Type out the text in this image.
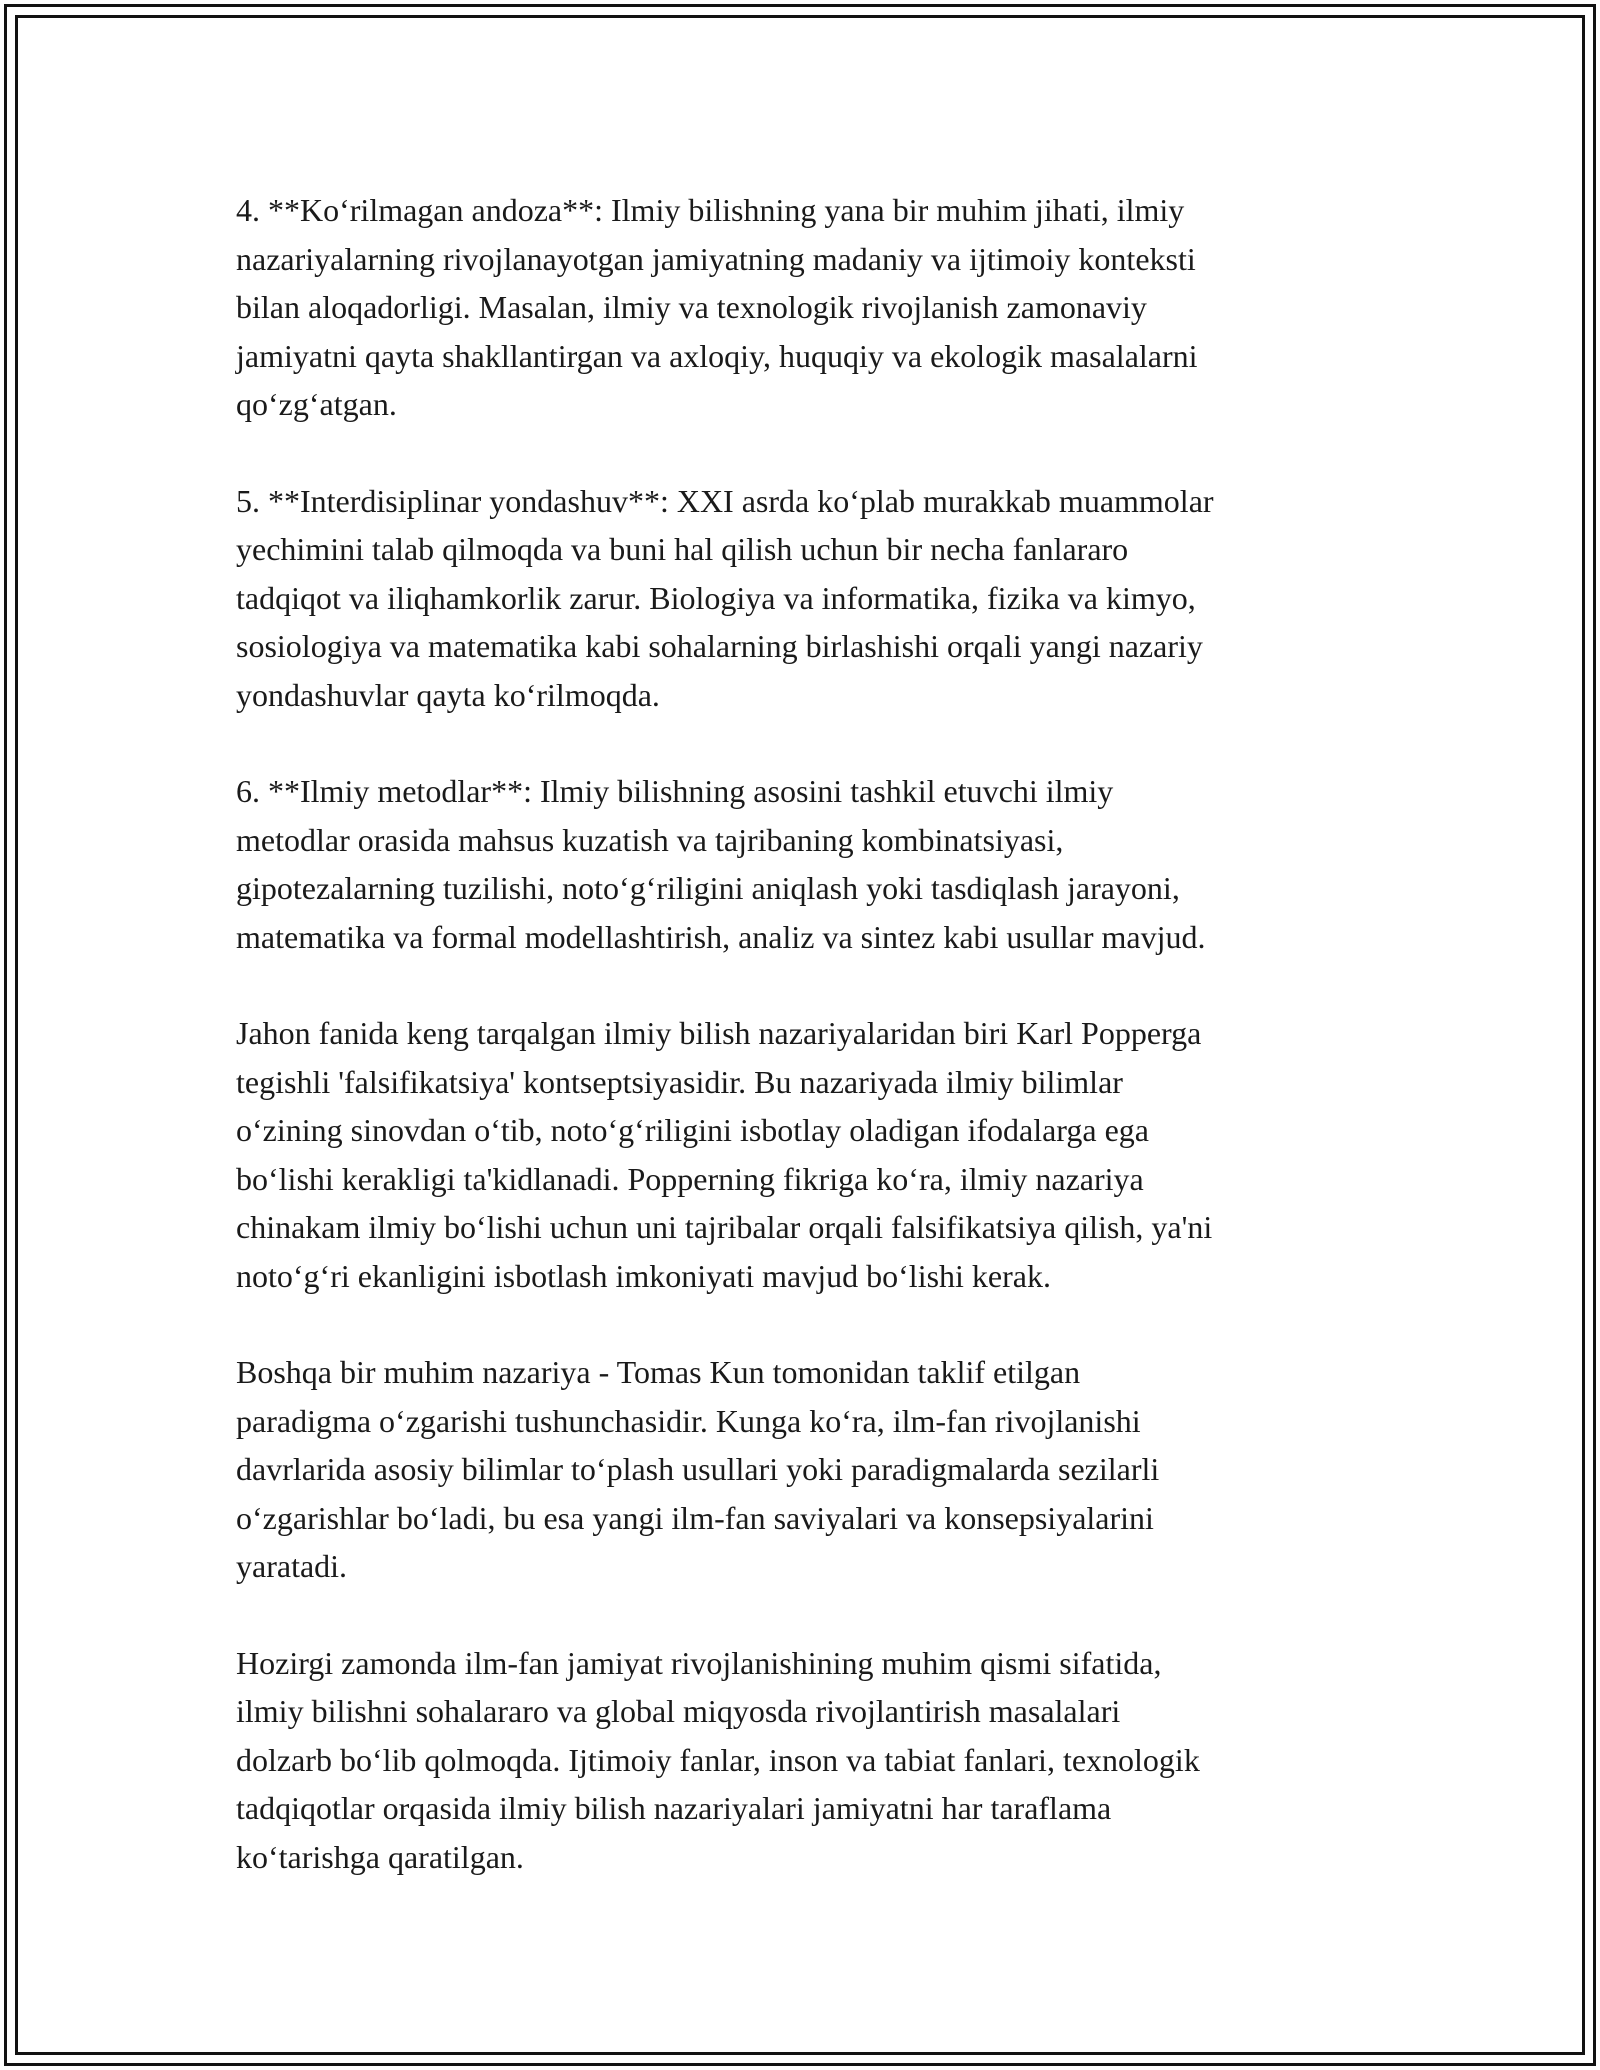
4. **Koʻrilmagan andoza**: Ilmiy bilishning yana bir muhim jihati, ilmiy
nazariyalarning rivojlanayotgan jamiyatning madaniy va ijtimoiy konteksti
bilan aloqadorligi. Masalan, ilmiy va texnologik rivojlanish zamonaviy
jamiyatni qayta shakllantirgan va axloqiy, huquqiy va ekologik masalalarni
qoʻzgʻatgan.

5. **Interdisiplinar yondashuv**: XXI asrda koʻplab murakkab muammolar
yechimini talab qilmoqda va buni hal qilish uchun bir necha fanlararo
tadqiqot va iliqhamkorlik zarur. Biologiya va informatika, fizika va kimyo,
sosiologiya va matematika kabi sohalarning birlashishi orqali yangi nazariy
yondashuvlar qayta koʻrilmoqda.

6. **Ilmiy metodlar**: Ilmiy bilishning asosini tashkil etuvchi ilmiy
metodlar orasida mahsus kuzatish va tajribaning kombinatsiyasi,
gipotezalarning tuzilishi, notoʻgʻriligini aniqlash yoki tasdiqlash jarayoni,
matematika va formal modellashtirish, analiz va sintez kabi usullar mavjud.

Jahon fanida keng tarqalgan ilmiy bilish nazariyalaridan biri Karl Popperga
tegishli 'falsifikatsiya' kontseptsiyasidir. Bu nazariyada ilmiy bilimlar
oʻzining sinovdan oʻtib, notoʻgʻriligini isbotlay oladigan ifodalarga ega
boʻlishi kerakligi ta'kidlanadi. Popperning fikriga koʻra, ilmiy nazariya
chinakam ilmiy boʻlishi uchun uni tajribalar orqali falsifikatsiya qilish, ya'ni
notoʻgʻri ekanligini isbotlash imkoniyati mavjud boʻlishi kerak.

Boshqa bir muhim nazariya - Tomas Kun tomonidan taklif etilgan
paradigma oʻzgarishi tushunchasidir. Kunga koʻra, ilm-fan rivojlanishi
davrlarida asosiy bilimlar toʻplash usullari yoki paradigmalarda sezilarli
oʻzgarishlar boʻladi, bu esa yangi ilm-fan saviyalari va konsepsiyalarini
yaratadi.

Hozirgi zamonda ilm-fan jamiyat rivojlanishining muhim qismi sifatida,
ilmiy bilishni sohalararo va global miqyosda rivojlantirish masalalari
dolzarb boʻlib qolmoqda. Ijtimoiy fanlar, inson va tabiat fanlari, texnologik
tadqiqotlar orqasida ilmiy bilish nazariyalari jamiyatni har taraflama
koʻtarishga qaratilgan.
